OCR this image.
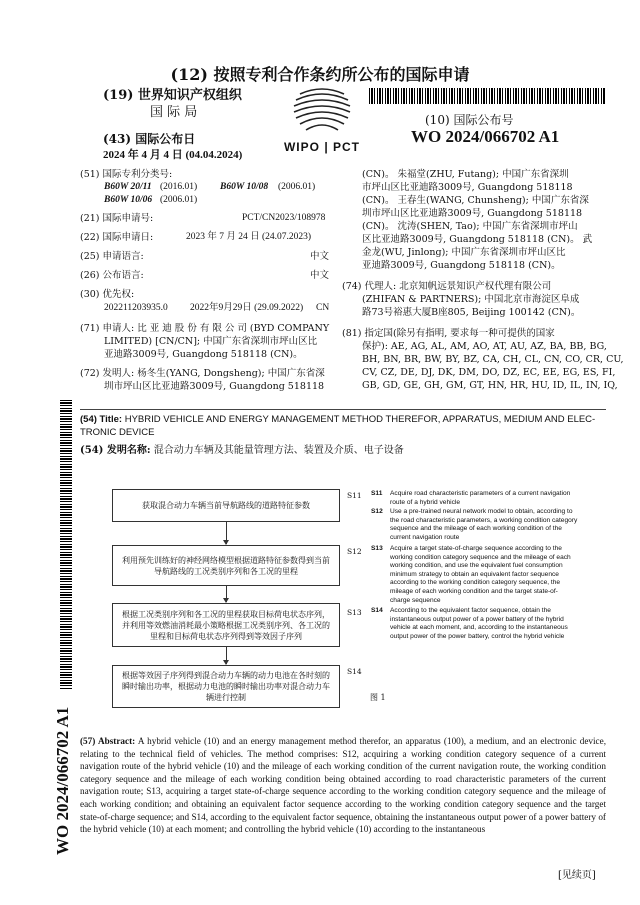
(12) 按照专利合作条约所公布的国际申请
(19) 世界知识产权组织
国 际 局
WIPO | PCT
(43) 国际公布日
2024 年 4 月 4 日 (04.04.2024)
(10) 国际公布号
WO 2024/066702 A1
(51) 国际专利分类号:
B60W 20/11 (2016.01) B60W 10/08 (2006.01)
B60W 10/06 (2006.01)
(21) 国际申请号:	PCT/CN2023/108978
(22) 国际申请日:	2023 年 7 月 24 日 (24.07.2023)
(25) 申请语言:	中文
(26) 公布语言:	中文
(30) 优先权:
202211203935.0 2022年9月29日 (29.09.2022) CN
(71) 申请人: 比 亚 迪 股 份 有 限 公 司 (BYD COMPANY
LIMITED) [CN/CN]; 中国广东省深圳市坪山区比
亚迪路3009号, Guangdong 518118 (CN)。
(72) 发明人: 杨冬生(YANG, Dongsheng); 中国广东省深
圳市坪山区比亚迪路3009号, Guangdong 518118
(CN)。 朱福堂(ZHU, Futang); 中国广东省深圳
市坪山区比亚迪路3009号, Guangdong 518118
(CN)。 王春生(WANG, Chunsheng); 中国广东省深
圳市坪山区比亚迪路3009号, Guangdong 518118
(CN)。 沈涛(SHEN, Tao); 中国广东省深圳市坪山
区比亚迪路3009号, Guangdong 518118 (CN)。 武
金龙(WU, Jinlong); 中国广东省深圳市坪山区比
亚迪路3009号, Guangdong 518118 (CN)。
(74) 代理人: 北京知帆远景知识产权代理有限公司
(ZHIFAN & PARTNERS); 中国北京市海淀区阜成
路73号裕惠大厦B座805, Beijing 100142 (CN)。
(81) 指定国(除另有指明, 要求每一种可提供的国家
保护): AE, AG, AL, AM, AO, AT, AU, AZ, BA, BB, BG,
BH, BN, BR, BW, BY, BZ, CA, CH, CL, CN, CO, CR, CU,
CV, CZ, DE, DJ, DK, DM, DO, DZ, EC, EE, EG, ES, FI,
GB, GD, GE, GH, GM, GT, HN, HR, HU, ID, IL, IN, IQ,
WO 2024/066702 A1
(54) Title: HYBRID VEHICLE AND ENERGY MANAGEMENT METHOD THEREFOR, APPARATUS, MEDIUM AND ELEC-
TRONIC DEVICE
(54) 发明名称: 混合动力车辆及其能量管理方法、装置及介质、电子设备
获取混合动力车辆当前导航路线的道路特征参数
利用预先训练好的神经网络模型根据道路特征参数得到当前导航路线的工况类别序列和各工况的里程
根据工况类别序列和各工况的里程获取目标荷电状态序列，并利用等效燃油消耗最小策略根据工况类别序列、各工况的里程和目标荷电状态序列得到等效因子序列
根据等效因子序列得到混合动力车辆的动力电池在各时刻的瞬时输出功率，根据动力电池的瞬时输出功率对混合动力车辆进行控制
S11
S12
S13
S14
图 1
S11 Acquire road characteristic parameters of a current navigation route of a hybrid vehicle
S12 Use a pre-trained neural network model to obtain, according to the road characteristic parameters, a working condition category sequence and the mileage of each working condition of the current navigation route
S13 Acquire a target state-of-charge sequence according to the working condition category sequence and the mileage of each working condition, and use the equivalent fuel consumption minimum strategy to obtain an equivalent factor sequence according to the working condition category sequence, the mileage of each working condition and the target state-of-charge sequence
S14 According to the equivalent factor sequence, obtain the instantaneous output power of a power battery of the hybrid vehicle at each moment, and, according to the instantaneous output power of the power battery, control the hybrid vehicle
(57) Abstract: A hybrid vehicle (10) and an energy management method therefor, an apparatus (100), a medium, and an electronic device, relating to the technical field of vehicles. The method comprises: S12, acquiring a working condition category sequence of a current navigation route of the hybrid vehicle (10) and the mileage of each working condition of the current navigation route, the working condition category sequence and the mileage of each working condition being obtained according to road characteristic parameters of the current navigation route; S13, acquiring a target state-of-charge sequence according to the working condition category sequence and the mileage of each working condition; and obtaining an equivalent factor sequence according to the working condition category sequence and the target state-of-charge sequence; and S14, according to the equivalent factor sequence, obtaining the instantaneous output power of a power battery of the hybrid vehicle (10) at each moment; and controlling the hybrid vehicle (10) according to the instantaneous
[见续页]
